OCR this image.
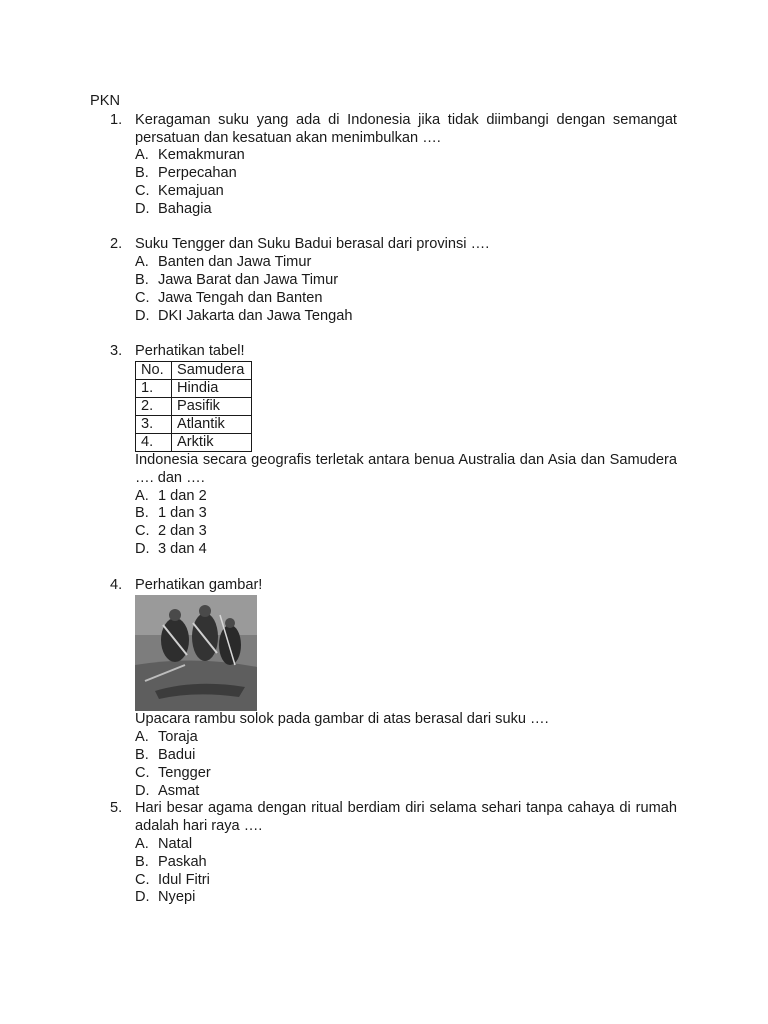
PKN
1. Keragaman suku yang ada di Indonesia jika tidak diimbangi dengan semangat persatuan dan kesatuan akan menimbulkan ….
A. Kemakmuran
B. Perpecahan
C. Kemajuan
D. Bahagia
2. Suku Tengger dan Suku Badui berasal dari provinsi ….
A. Banten dan Jawa Timur
B. Jawa Barat dan Jawa Timur
C. Jawa Tengah dan Banten
D. DKI Jakarta dan Jawa Tengah
3. Perhatikan tabel!
No.	Samudera
1.	Hindia
2.	Pasifik
3.	Atlantik
4.	Arktik
Indonesia secara geografis terletak antara benua Australia dan Asia dan Samudera …. dan ….
A. 1 dan 2
B. 1 dan 3
C. 2 dan 3
D. 3 dan 4
4. Perhatikan gambar!
Upacara rambu solok pada gambar di atas berasal dari suku ….
A. Toraja
B. Badui
C. Tengger
D. Asmat
5. Hari besar agama dengan ritual berdiam diri selama sehari tanpa cahaya di rumah adalah hari raya ….
A. Natal
B. Paskah
C. Idul Fitri
D. Nyepi
